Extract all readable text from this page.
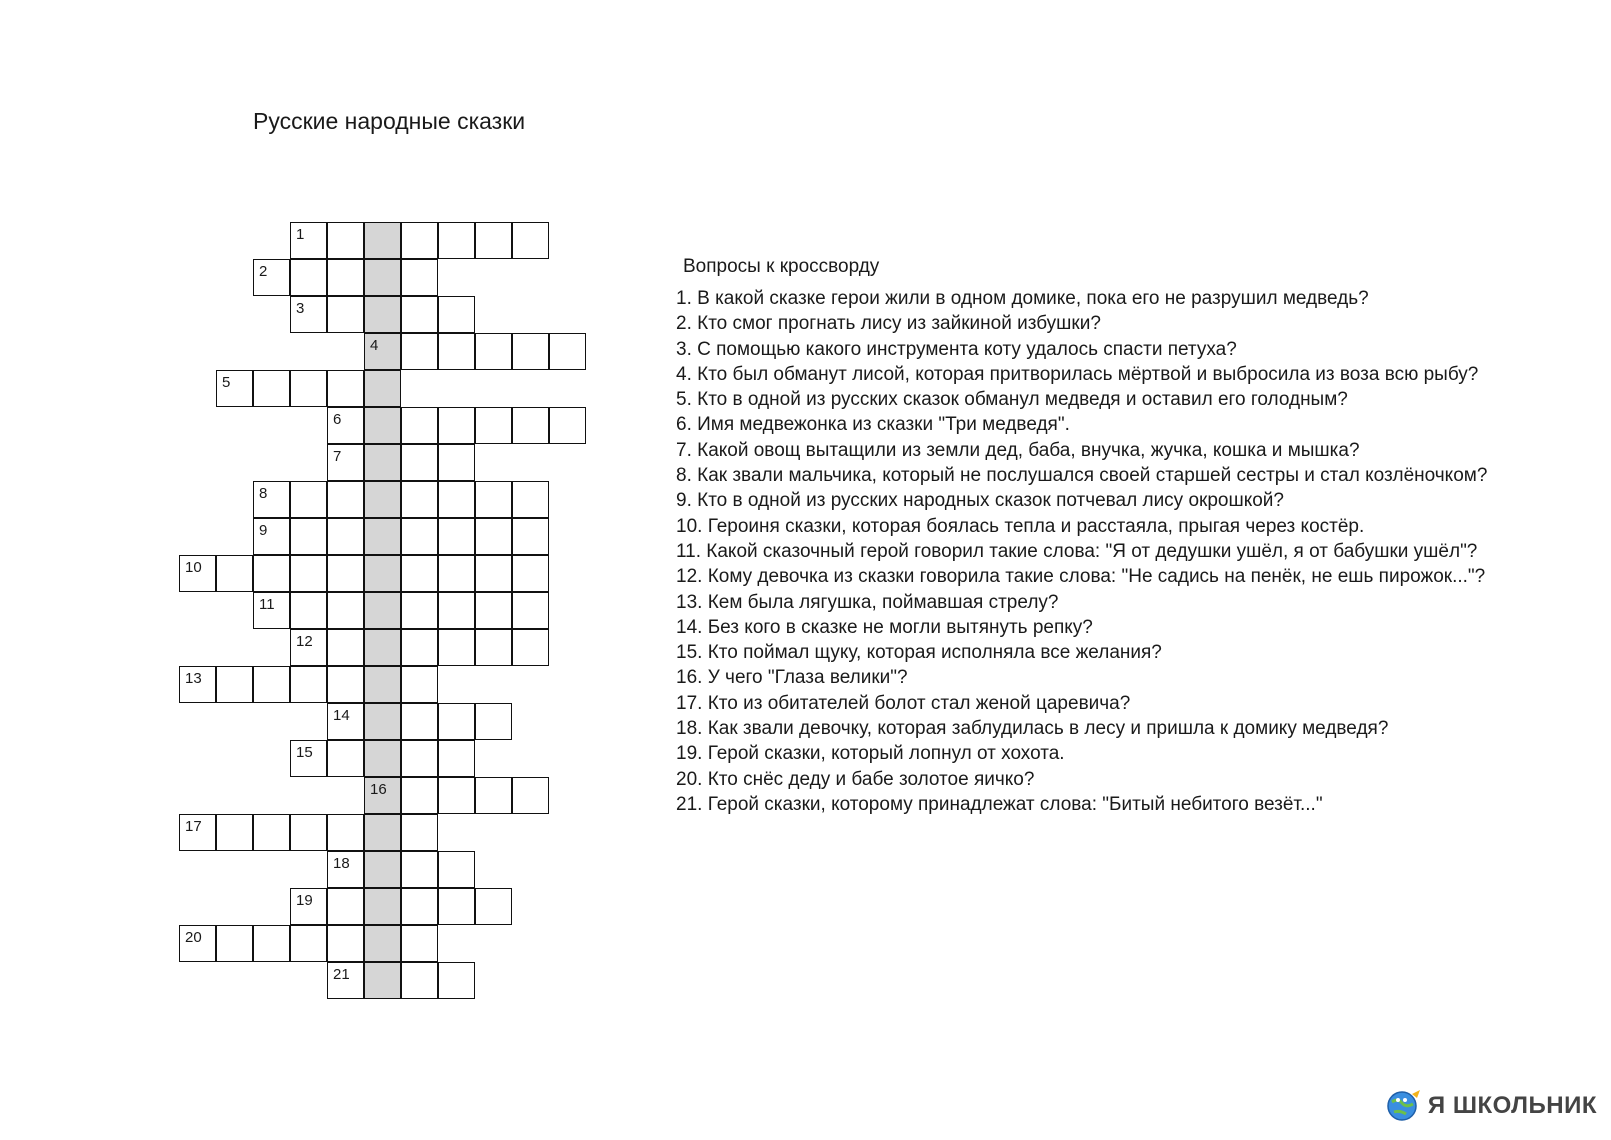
Русские народные сказки
1
2
3
4
5
6
7
8
9
10
11
12
13
14
15
16
17
18
19
20
21
Вопросы к кроссворду
1. В какой сказке герои жили в одном домике, пока его не разрушил медведь?
2. Кто смог прогнать лису из зайкиной избушки?
3. С помощью какого инструмента коту удалось спасти петуха?
4. Кто был обманут лисой, которая притворилась мёртвой и выбросила из воза всю рыбу?
5. Кто в одной из русских сказок обманул медведя и оставил его голодным?
6. Имя медвежонка из сказки "Три медведя".
7. Какой овощ вытащили из земли дед, баба, внучка, жучка, кошка и мышка?
8. Как звали мальчика, который не послушался своей старшей сестры и стал козлёночком?
9. Кто в одной из русских народных сказок потчевал лису окрошкой?
10. Героиня сказки, которая боялась тепла и расстаяла, прыгая через костёр.
11. Какой сказочный герой говорил такие слова: "Я от дедушки ушёл, я от бабушки ушёл"?
12. Кому девочка из сказки говорила такие слова: "Не садись на пенёк, не ешь пирожок..."?
13. Кем была лягушка, поймавшая стрелу?
14. Без кого в сказке не могли вытянуть репку?
15. Кто поймал щуку, которая исполняла все желания?
16. У чего "Глаза велики"?
17. Кто из обитателей болот стал женой царевича?
18. Как звали девочку, которая заблудилась в лесу и пришла к домику медведя?
19. Герой сказки, который лопнул от хохота.
20. Кто снёс деду и бабе золотое яичко?
21. Герой сказки, которому принадлежат слова: "Битый небитого везёт..."
Я ШКОЛЬНИК
